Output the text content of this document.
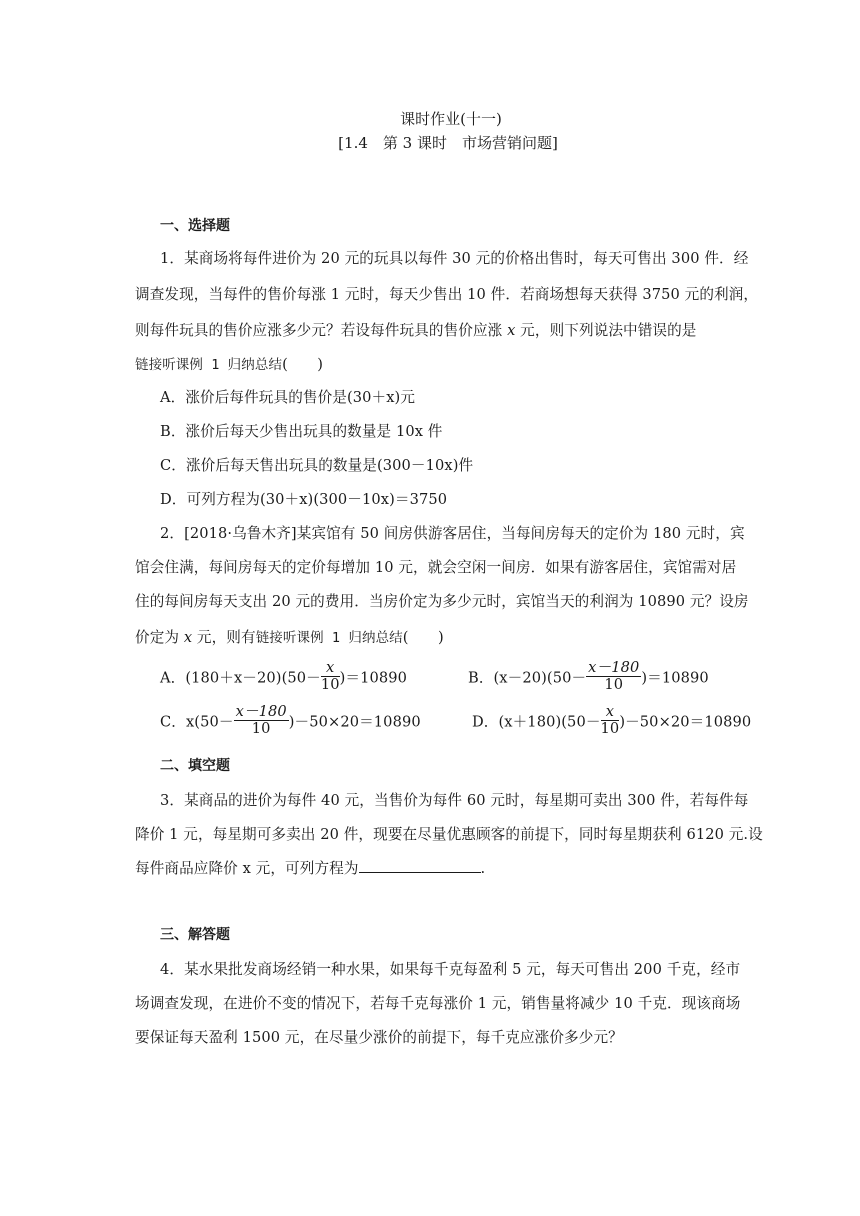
课时作业(十一)
[1.4　第 3 课时　市场营销问题]
一、选择题
1．某商场将每件进价为 20 元的玩具以每件 30 元的价格出售时，每天可售出 300 件．经
调查发现，当每件的售价每涨 1 元时，每天少售出 10 件．若商场想每天获得 3750 元的利润，
则每件玩具的售价应涨多少元？若设每件玩具的售价应涨 x 元，则下列说法中错误的是
链接听课例 1 归纳总结(　　)
A．涨价后每件玩具的售价是(30＋x)元
B．涨价后每天少售出玩具的数量是 10x 件
C．涨价后每天售出玩具的数量是(300－10x)件
D．可列方程为(30＋x)(300－10x)＝3750
2．[2018·乌鲁木齐]某宾馆有 50 间房供游客居住，当每间房每天的定价为 180 元时，宾
馆会住满，每间房每天的定价每增加 10 元，就会空闲一间房．如果有游客居住，宾馆需对居
住的每间房每天支出 20 元的费用．当房价定为多少元时，宾馆当天的利润为 10890 元？设房
价定为 x 元，则有链接听课例 1 归纳总结(　　)
A．$(180+x-20)(50- \frac{x}{10} )=10890$	B．$(x-20)(50- \frac{x-180}{10} )=10890$
C．$x(50- \frac{x-180}{10} )-50\times 20=10890$	D．$(x+180)(50- \frac{x}{10} )-50\times 20=10890$
二、填空题
3．某商品的进价为每件 40 元，当售价为每件 60 元时，每星期可卖出 300 件，若每件每
降价 1 元，每星期可多卖出 20 件，现要在尽量优惠顾客的前提下，同时每星期获利 6120 元.设
每件商品应降价 x 元，可列方程为	.
三、解答题
4．某水果批发商场经销一种水果，如果每千克每盈利 5 元，每天可售出 200 千克，经市
场调查发现，在进价不变的情况下，若每千克每涨价 1 元，销售量将减少 10 千克．现该商场
要保证每天盈利 1500 元，在尽量少涨价的前提下，每千克应涨价多少元？
